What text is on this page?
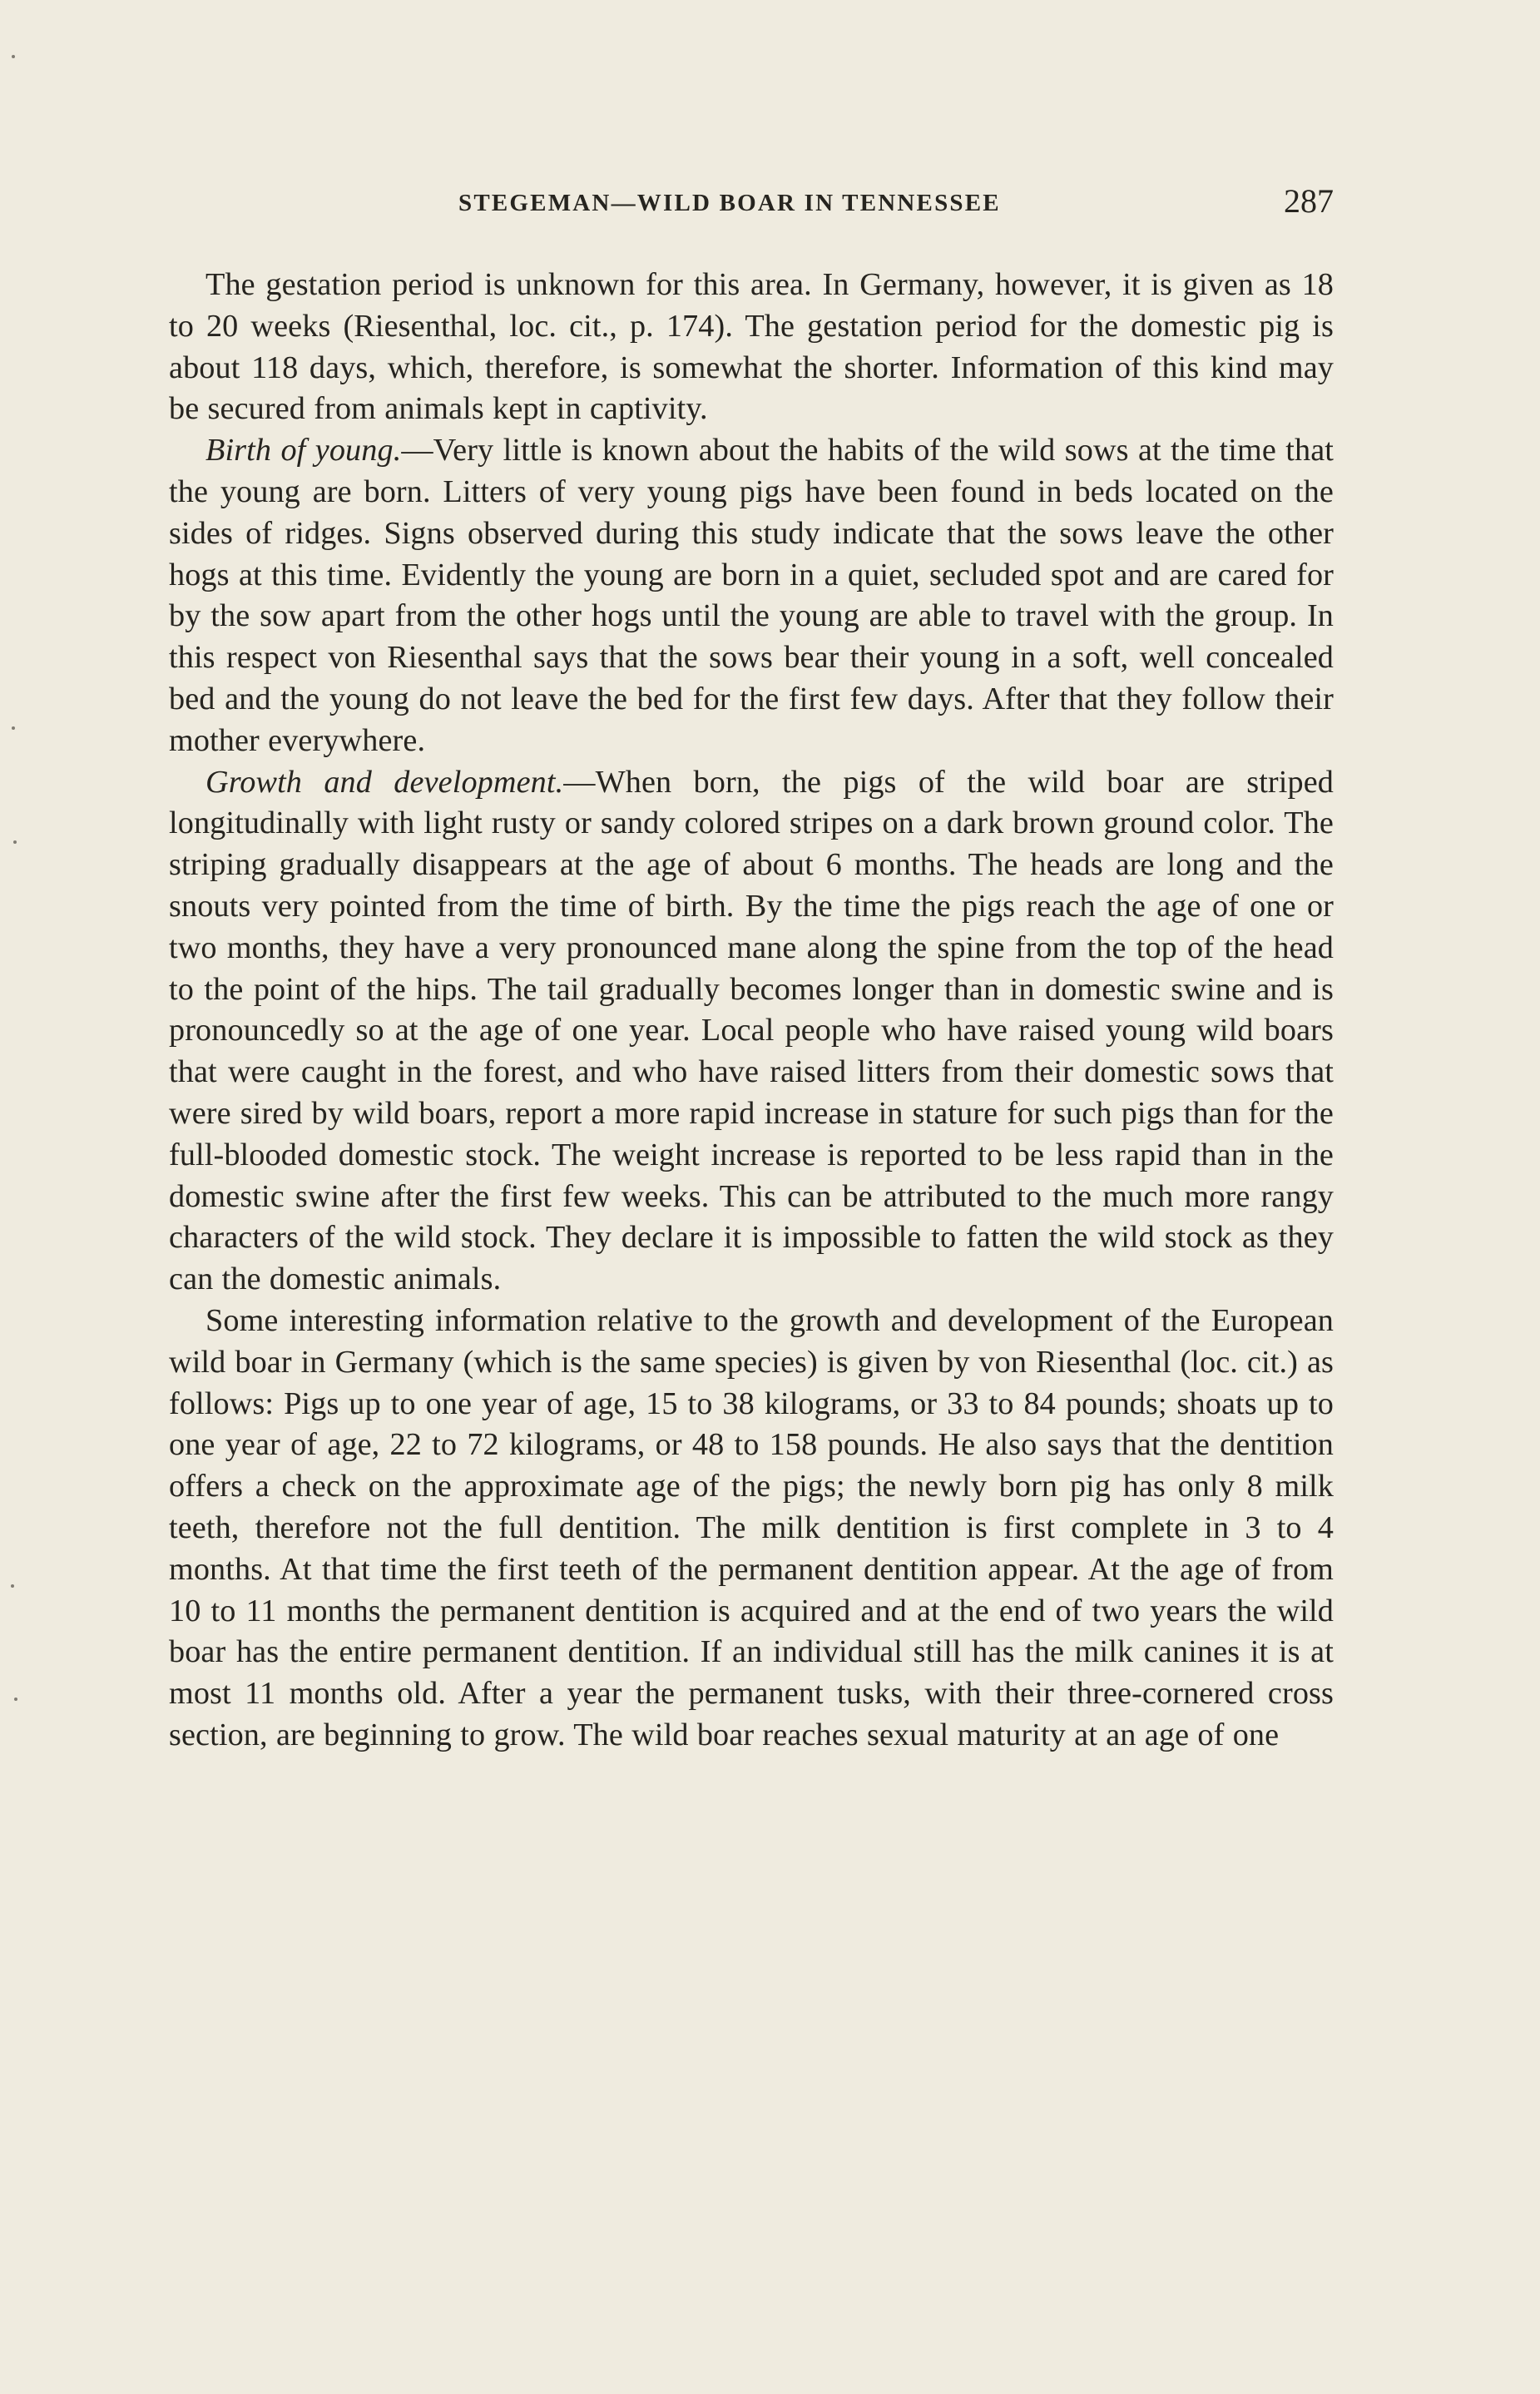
STEGEMAN—WILD BOAR IN TENNESSEE	287

The gestation period is unknown for this area. In Germany, however, it is given as 18 to 20 weeks (Riesenthal, loc. cit., p. 174). The gestation period for the domestic pig is about 118 days, which, therefore, is somewhat the shorter. Information of this kind may be secured from animals kept in captivity.

Birth of young.—Very little is known about the habits of the wild sows at the time that the young are born. Litters of very young pigs have been found in beds located on the sides of ridges. Signs observed during this study indicate that the sows leave the other hogs at this time. Evidently the young are born in a quiet, secluded spot and are cared for by the sow apart from the other hogs until the young are able to travel with the group. In this respect von Riesenthal says that the sows bear their young in a soft, well concealed bed and the young do not leave the bed for the first few days. After that they follow their mother everywhere.

Growth and development.—When born, the pigs of the wild boar are striped longitudinally with light rusty or sandy colored stripes on a dark brown ground color. The striping gradually disappears at the age of about 6 months. The heads are long and the snouts very pointed from the time of birth. By the time the pigs reach the age of one or two months, they have a very pronounced mane along the spine from the top of the head to the point of the hips. The tail gradually becomes longer than in domestic swine and is pronouncedly so at the age of one year. Local people who have raised young wild boars that were caught in the forest, and who have raised litters from their domestic sows that were sired by wild boars, report a more rapid increase in stature for such pigs than for the full-blooded domestic stock. The weight increase is reported to be less rapid than in the domestic swine after the first few weeks. This can be attributed to the much more rangy characters of the wild stock. They declare it is impossible to fatten the wild stock as they can the domestic animals.

Some interesting information relative to the growth and development of the European wild boar in Germany (which is the same species) is given by von Riesenthal (loc. cit.) as follows: Pigs up to one year of age, 15 to 38 kilograms, or 33 to 84 pounds; shoats up to one year of age, 22 to 72 kilograms, or 48 to 158 pounds. He also says that the dentition offers a check on the approximate age of the pigs; the newly born pig has only 8 milk teeth, therefore not the full dentition. The milk dentition is first complete in 3 to 4 months. At that time the first teeth of the permanent dentition appear. At the age of from 10 to 11 months the permanent dentition is acquired and at the end of two years the wild boar has the entire permanent dentition. If an individual still has the milk canines it is at most 11 months old. After a year the permanent tusks, with their three-cornered cross section, are beginning to grow. The wild boar reaches sexual maturity at an age of one
